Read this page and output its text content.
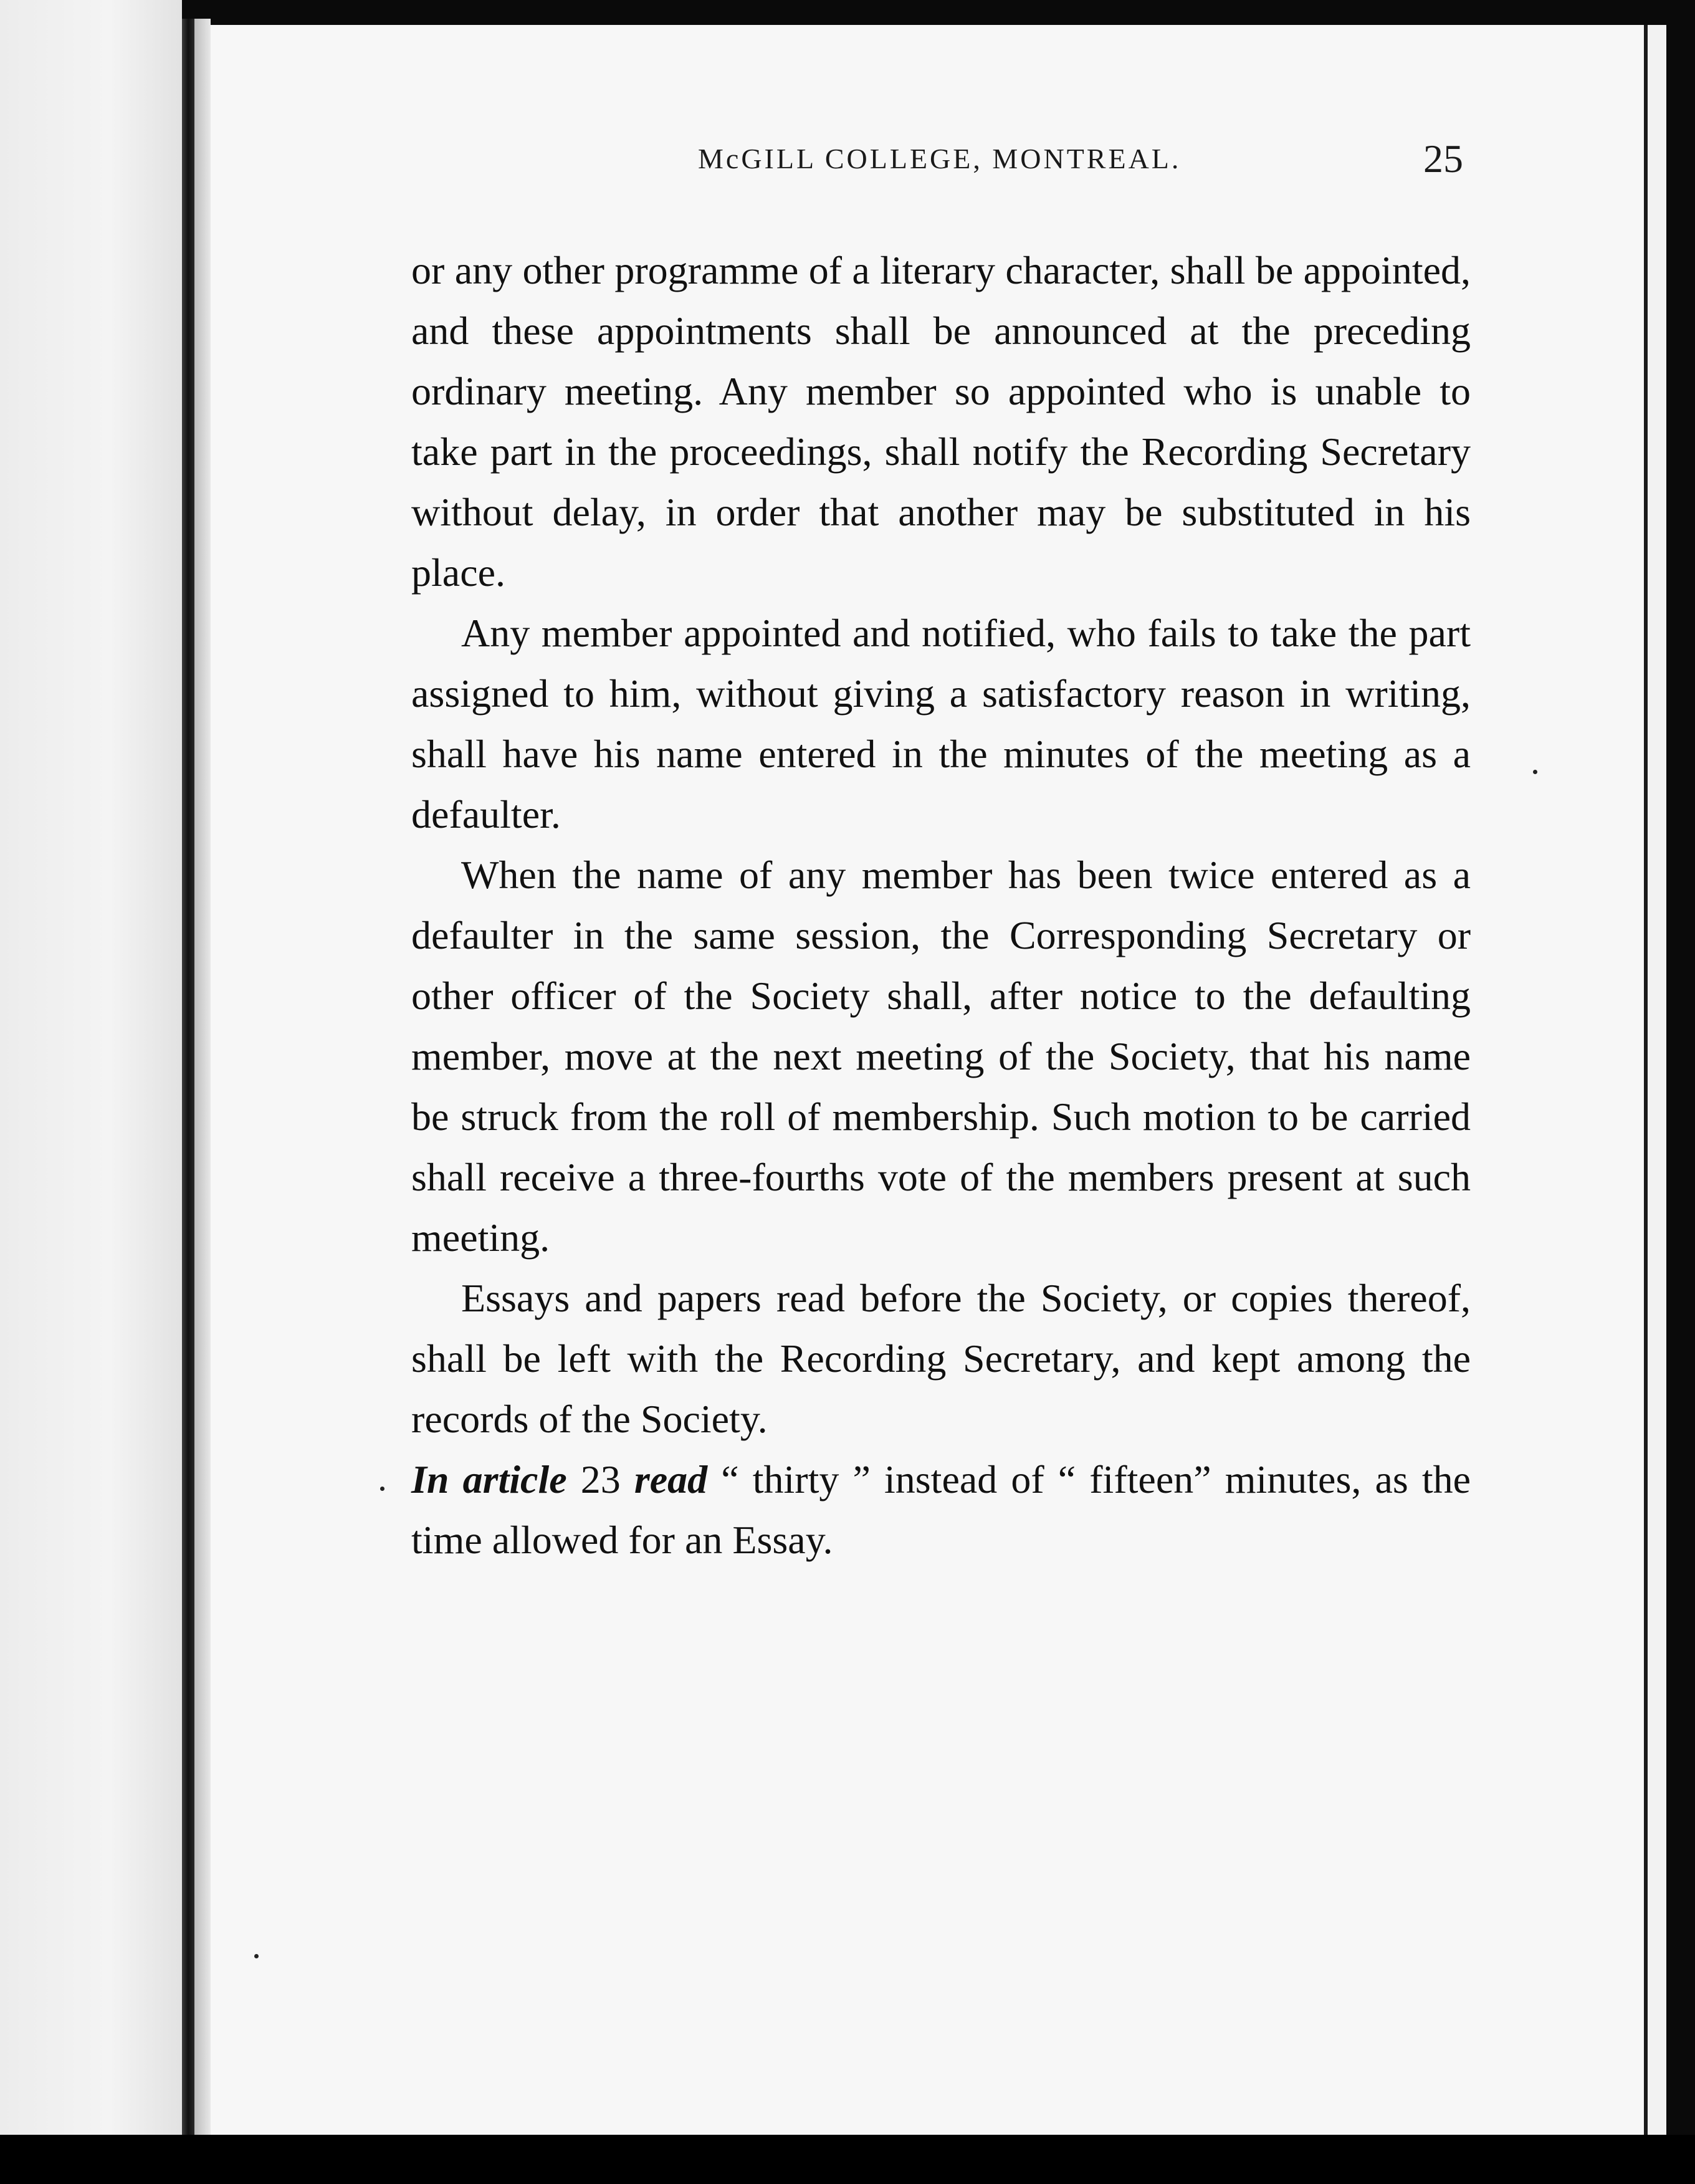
McGILL COLLEGE, MONTREAL.	25

or any other programme of a literary character, shall be appointed, and these appointments shall be announced at the preceding ordinary meeting. Any member so appointed who is unable to take part in the proceedings, shall notify the Recording Secretary without delay, in order that another may be substituted in his place.

Any member appointed and notified, who fails to take the part assigned to him, without giving a satisfactory reason in writing, shall have his name entered in the minutes of the meeting as a defaulter.

When the name of any member has been twice entered as a defaulter in the same session, the Corresponding Secretary or other officer of the Society shall, after notice to the defaulting member, move at the next meeting of the Society, that his name be struck from the roll of membership. Such motion to be carried shall receive a three-fourths vote of the members present at such meeting.

Essays and papers read before the Society, or copies thereof, shall be left with the Recording Secretary, and kept among the records of the Society.

In article 23 read “ thirty ” instead of “ fifteen” minutes, as the time allowed for an Essay.
